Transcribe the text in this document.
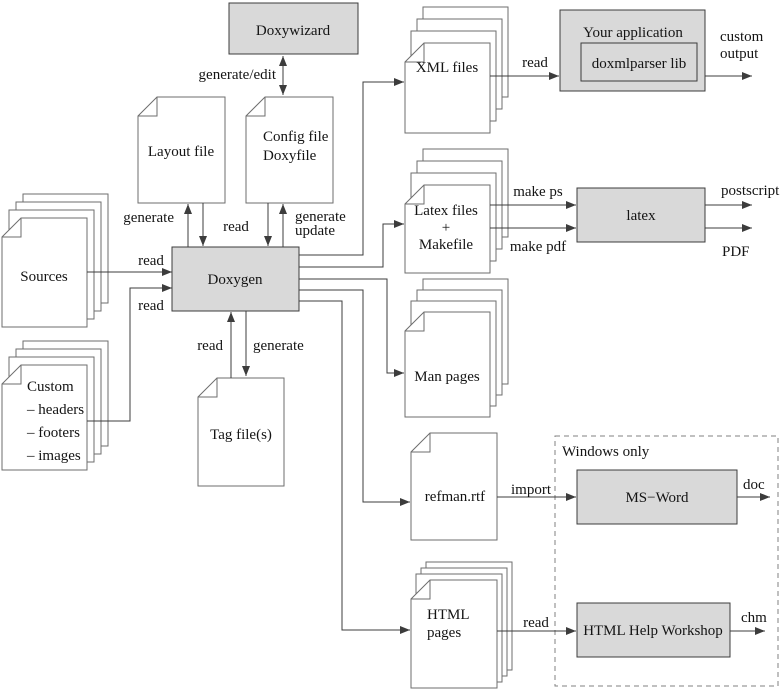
Sources
Custom – headers – footers – images
XML files
Latex files + Makefile
Man pages
HTML pages
Layout file
Config file Doxyfile
Tag file(s)
refman.rtf
Doxywizard
Doxygen
Your application
doxmlparser lib
latex
MS−Word
HTML Help Workshop
read
read
generate/edit
generate
read
generate update
read generate
read
custom output
make ps
make pdf
postscript
PDF
import	doc
read	chm
Windows only
